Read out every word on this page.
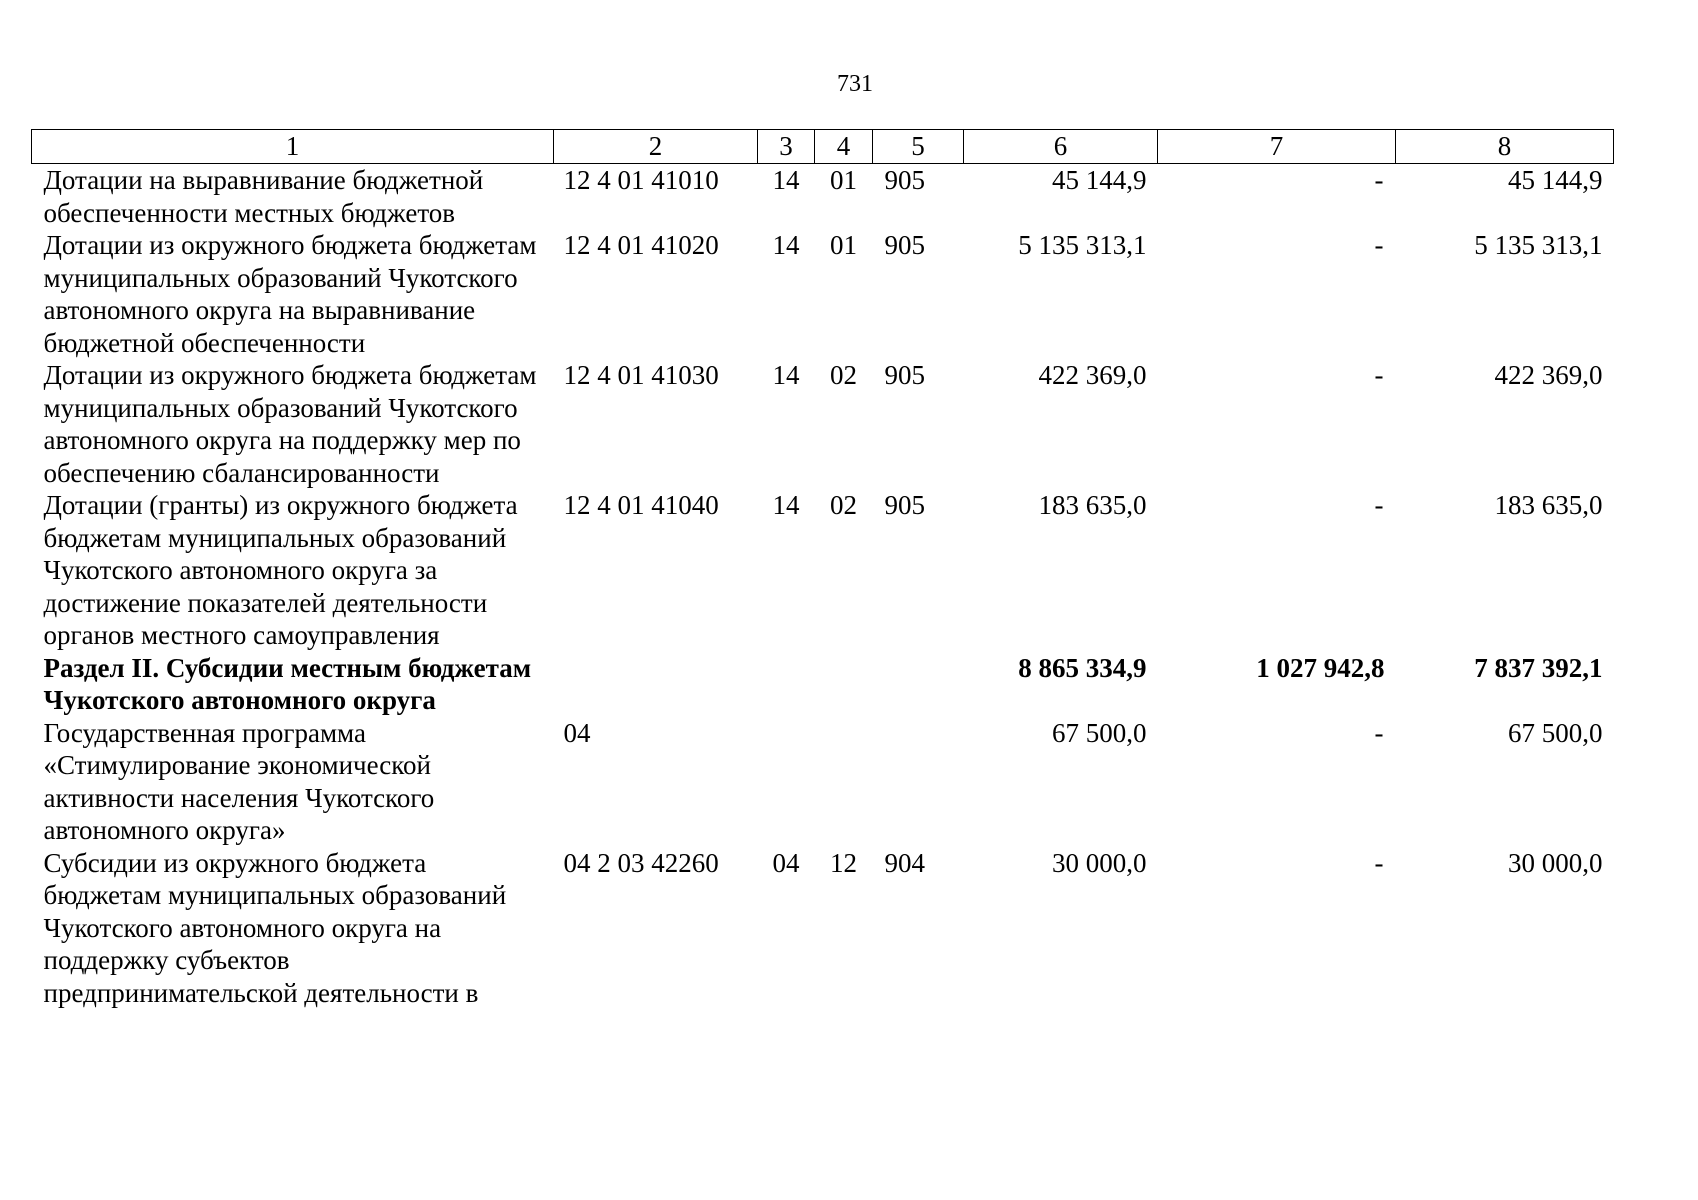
731
1	2	3	4	5	6	7	8
Дотации на выравнивание бюджетной обеспеченности местных бюджетов	12 4 01 41010	14	01	905	45 144,9	-	45 144,9
Дотации из окружного бюджета бюджетам муниципальных образований Чукотского автономного округа на выравнивание бюджетной обеспеченности	12 4 01 41020	14	01	905	5 135 313,1	-	5 135 313,1
Дотации из окружного бюджета бюджетам муниципальных образований Чукотского автономного округа на поддержку мер по обеспечению сбалансированности	12 4 01 41030	14	02	905	422 369,0	-	422 369,0
Дотации (гранты) из окружного бюджета бюджетам муниципальных образований Чукотского автономного округа за достижение показателей деятельности органов местного самоуправления	12 4 01 41040	14	02	905	183 635,0	-	183 635,0
Раздел II. Субсидии местным бюджетам Чукотского автономного округа					8 865 334,9	1 027 942,8	7 837 392,1
Государственная программа «Стимулирование экономической активности населения Чукотского автономного округа»	04				67 500,0	-	67 500,0
Субсидии из окружного бюджета бюджетам муниципальных образований Чукотского автономного округа на поддержку субъектов предпринимательской деятельности в	04 2 03 42260	04	12	904	30 000,0	-	30 000,0
